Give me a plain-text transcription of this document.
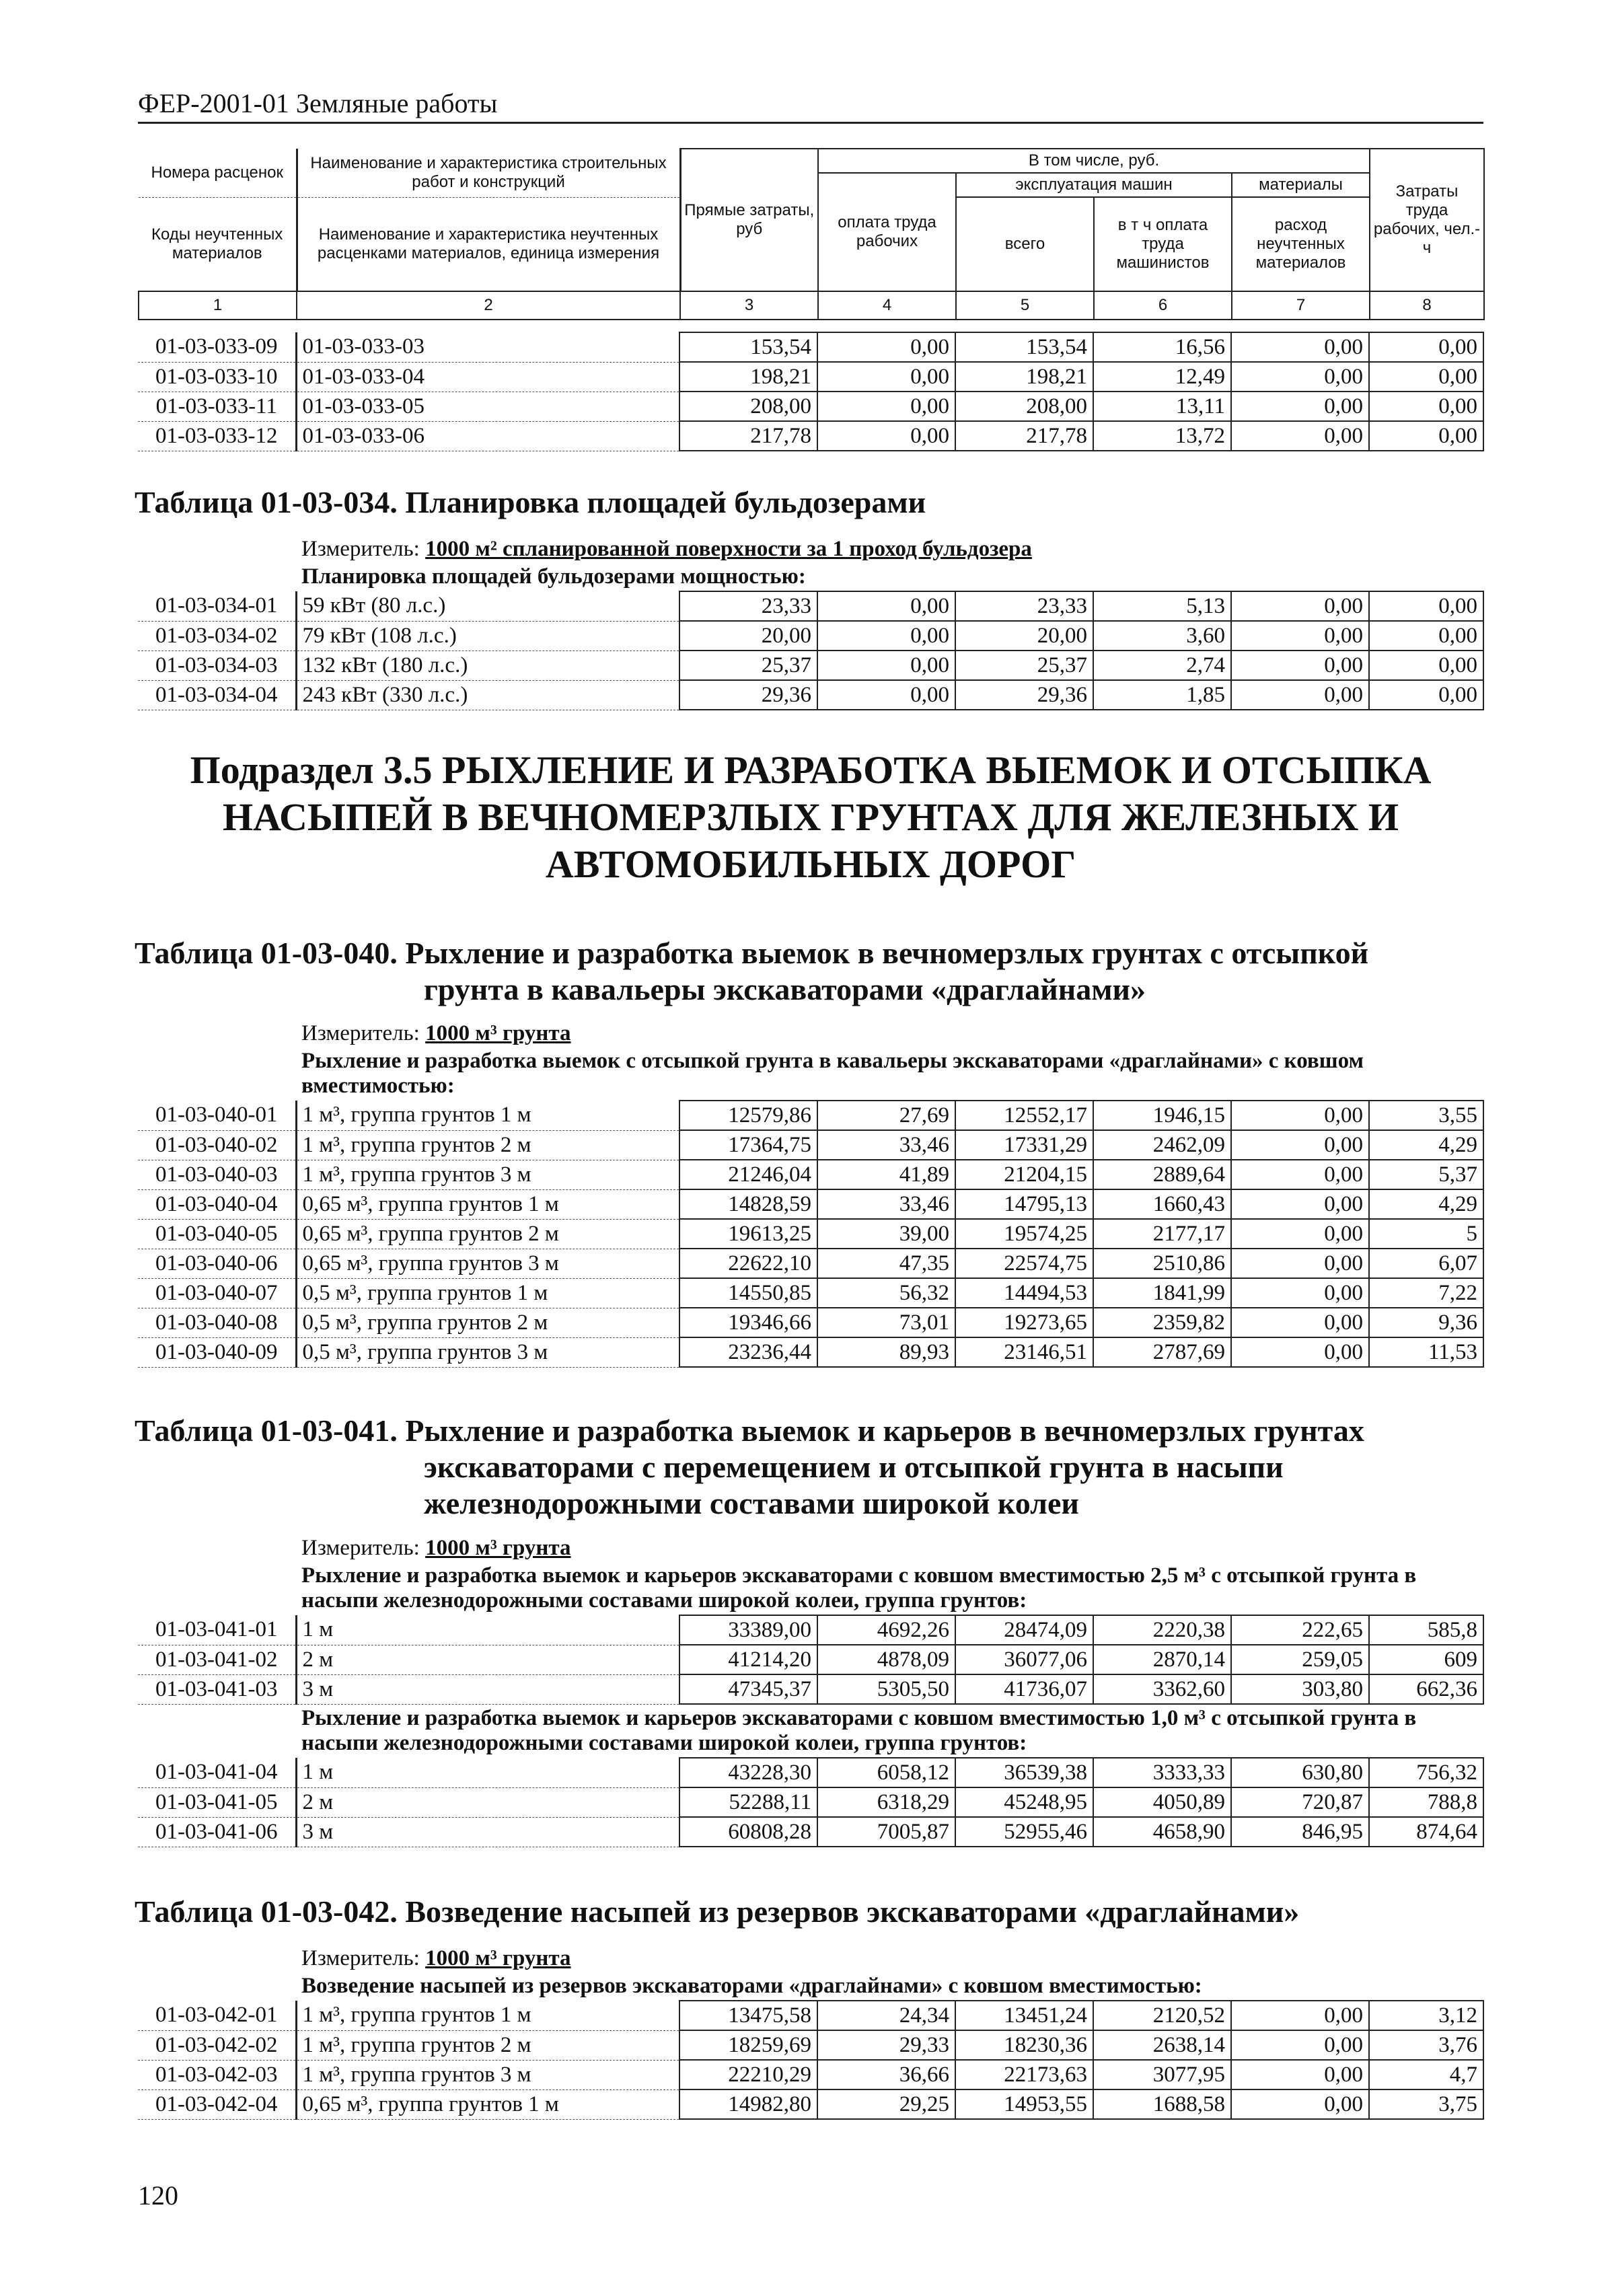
ФЕР-2001-01 Земляные работы
Номера расценок	Наименование и характеристика строительных работ и конструкций	Прямые затраты, руб	В том числе, руб.				Затраты труда рабочих, чел.-ч
			оплата труда рабочих	эксплуатация машин		материалы	
Коды неучтенных материалов	Наименование и характеристика неучтенных расценками материалов, единица измерения			всего	в т ч оплата труда машинистов	расход неучтенных материалов	

1	2	3	4	5	6	7	8
01-03-033-09	01-03-033-03	153,54	0,00	153,54	16,56	0,00	0,00
01-03-033-10	01-03-033-04	198,21	0,00	198,21	12,49	0,00	0,00
01-03-033-11	01-03-033-05	208,00	0,00	208,00	13,11	0,00	0,00
01-03-033-12	01-03-033-06	217,78	0,00	217,78	13,72	0,00	0,00
Таблица 01-03-034. Планировка площадей бульдозерами
	Измеритель: 1000 м² спланированной поверхности за 1 проход бульдозера						
	Планировка площадей бульдозерами мощностью:						
01-03-034-01	59 кВт (80 л.с.)	23,33	0,00	23,33	5,13	0,00	0,00
01-03-034-02	79 кВт (108 л.с.)	20,00	0,00	20,00	3,60	0,00	0,00
01-03-034-03	132 кВт (180 л.с.)	25,37	0,00	25,37	2,74	0,00	0,00
01-03-034-04	243 кВт (330 л.с.)	29,36	0,00	29,36	1,85	0,00	0,00
Подраздел 3.5 РЫХЛЕНИЕ И РАЗРАБОТКА ВЫЕМОК И ОТСЫПКА
НАСЫПЕЙ В ВЕЧНОМЕРЗЛЫХ ГРУНТАХ ДЛЯ ЖЕЛЕЗНЫХ И
АВТОМОБИЛЬНЫХ ДОРОГ
Таблица 01-03-040. Рыхление и разработка выемок в вечномерзлых грунтах с отсыпкой
грунта в кавальеры экскаваторами «драглайнами»
	Измеритель: 1000 м³ грунта						
	Рыхление и разработка выемок с отсыпкой грунта в кавальеры экскаваторами «драглайнами» с ковшом вместимостью:						
01-03-040-01	1 м³, группа грунтов 1 м	12579,86	27,69	12552,17	1946,15	0,00	3,55
01-03-040-02	1 м³, группа грунтов 2 м	17364,75	33,46	17331,29	2462,09	0,00	4,29
01-03-040-03	1 м³, группа грунтов 3 м	21246,04	41,89	21204,15	2889,64	0,00	5,37
01-03-040-04	0,65 м³, группа грунтов 1 м	14828,59	33,46	14795,13	1660,43	0,00	4,29
01-03-040-05	0,65 м³, группа грунтов 2 м	19613,25	39,00	19574,25	2177,17	0,00	5
01-03-040-06	0,65 м³, группа грунтов 3 м	22622,10	47,35	22574,75	2510,86	0,00	6,07
01-03-040-07	0,5 м³, группа грунтов 1 м	14550,85	56,32	14494,53	1841,99	0,00	7,22
01-03-040-08	0,5 м³, группа грунтов 2 м	19346,66	73,01	19273,65	2359,82	0,00	9,36
01-03-040-09	0,5 м³, группа грунтов 3 м	23236,44	89,93	23146,51	2787,69	0,00	11,53
Таблица 01-03-041. Рыхление и разработка выемок и карьеров в вечномерзлых грунтах
экскаваторами с перемещением и отсыпкой грунта в насыпи
железнодорожными составами широкой колеи
	Измеритель: 1000 м³ грунта						
	Рыхление и разработка выемок и карьеров экскаваторами с ковшом вместимостью 2,5 м³ с отсыпкой грунта в насыпи железнодорожными составами широкой колеи, группа грунтов:						
01-03-041-01	1 м	33389,00	4692,26	28474,09	2220,38	222,65	585,8
01-03-041-02	2 м	41214,20	4878,09	36077,06	2870,14	259,05	609
01-03-041-03	3 м	47345,37	5305,50	41736,07	3362,60	303,80	662,36
	Рыхление и разработка выемок и карьеров экскаваторами с ковшом вместимостью 1,0 м³ с отсыпкой грунта в насыпи железнодорожными составами широкой колеи, группа грунтов:						
01-03-041-04	1 м	43228,30	6058,12	36539,38	3333,33	630,80	756,32
01-03-041-05	2 м	52288,11	6318,29	45248,95	4050,89	720,87	788,8
01-03-041-06	3 м	60808,28	7005,87	52955,46	4658,90	846,95	874,64
Таблица 01-03-042. Возведение насыпей из резервов экскаваторами «драглайнами»
	Измеритель: 1000 м³ грунта						
	Возведение насыпей из резервов экскаваторами «драглайнами» с ковшом вместимостью:						
01-03-042-01	1 м³, группа грунтов 1 м	13475,58	24,34	13451,24	2120,52	0,00	3,12
01-03-042-02	1 м³, группа грунтов 2 м	18259,69	29,33	18230,36	2638,14	0,00	3,76
01-03-042-03	1 м³, группа грунтов 3 м	22210,29	36,66	22173,63	3077,95	0,00	4,7
01-03-042-04	0,65 м³, группа грунтов 1 м	14982,80	29,25	14953,55	1688,58	0,00	3,75
120
